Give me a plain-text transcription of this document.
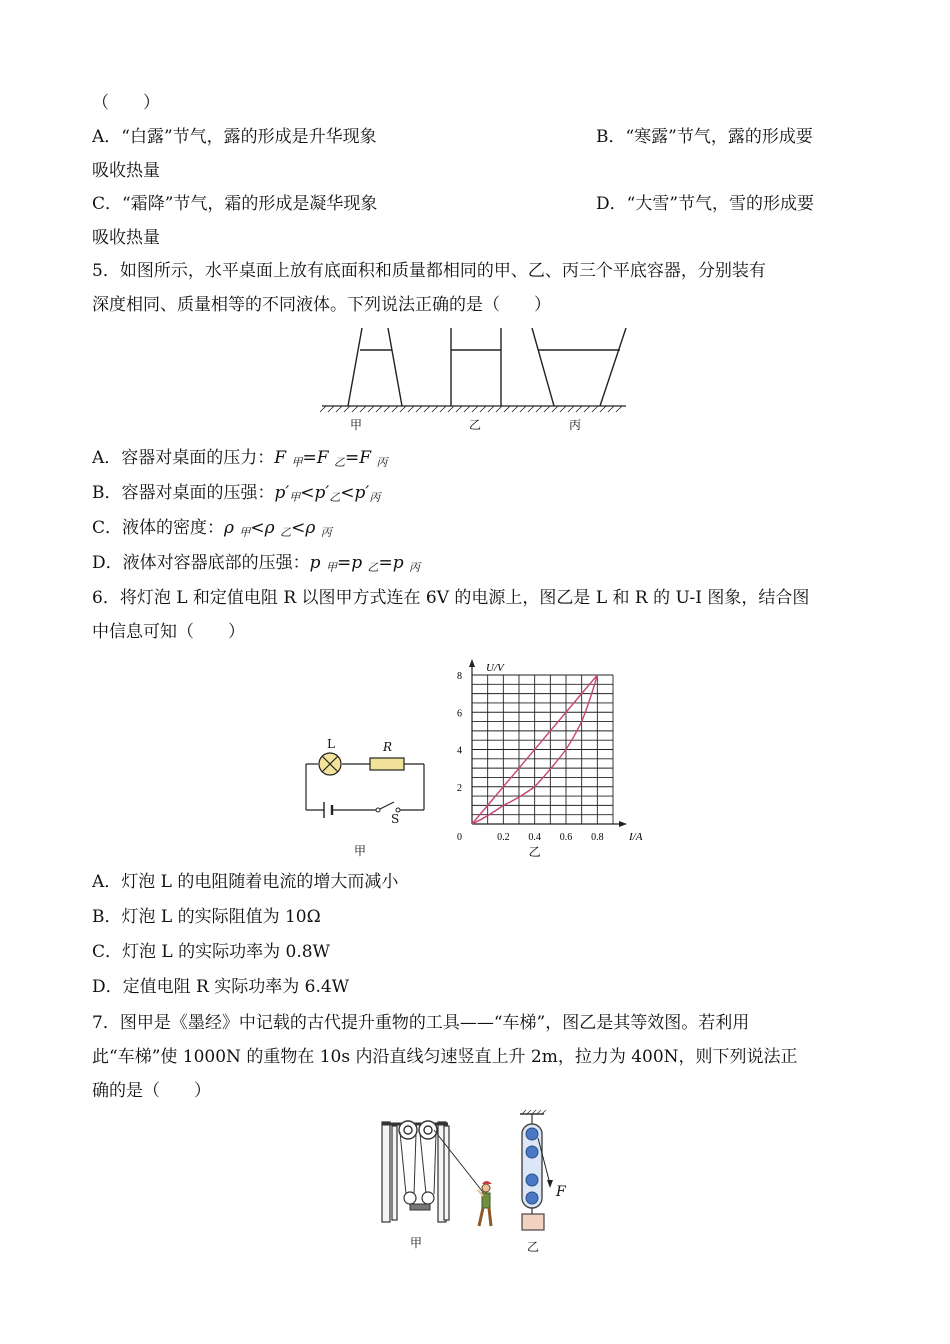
（　　）
A．“白露”节气，露的形成是升华现象	B．“寒露”节气，露的形成要
吸收热量
C．“霜降”节气，霜的形成是凝华现象	D．“大雪”节气，雪的形成要
吸收热量
5．如图所示，水平桌面上放有底面积和质量都相同的甲、乙、丙三个平底容器，分别装有
深度相同、质量相等的不同液体。下列说法正确的是（　　）
甲	乙	丙
A．容器对桌面的压力：F $_甲$=F $_乙$=F $_丙$
B．容器对桌面的压强：$p'_甲<p'_乙<p'_丙$
C．液体的密度：ρ $_甲$<ρ $_乙$<ρ $_丙$
D．液体对容器底部的压强：p $_甲$=p $_乙$=p $_丙$
6．将灯泡 L 和定值电阻 R 以图甲方式连在 6V 的电源上，图乙是 L 和 R 的 U-I 图象，结合图
中信息可知（　　）
L	R
S
甲
0.2 0.4 0.6 0.8
2
4
6
8
0	I/A
U/V
乙
A．灯泡 L 的电阻随着电流的增大而减小
B．灯泡 L 的实际阻值为 10Ω
C．灯泡 L 的实际功率为 0.8W
D．定值电阻 R 实际功率为 6.4W
7．图甲是《墨经》中记载的古代提升重物的工具——“车梯”，图乙是其等效图。若利用
此“车梯”使 1000N 的重物在 10s 内沿直线匀速竖直上升 2m，拉力为 400N，则下列说法正
确的是（　　）
甲
F
乙
